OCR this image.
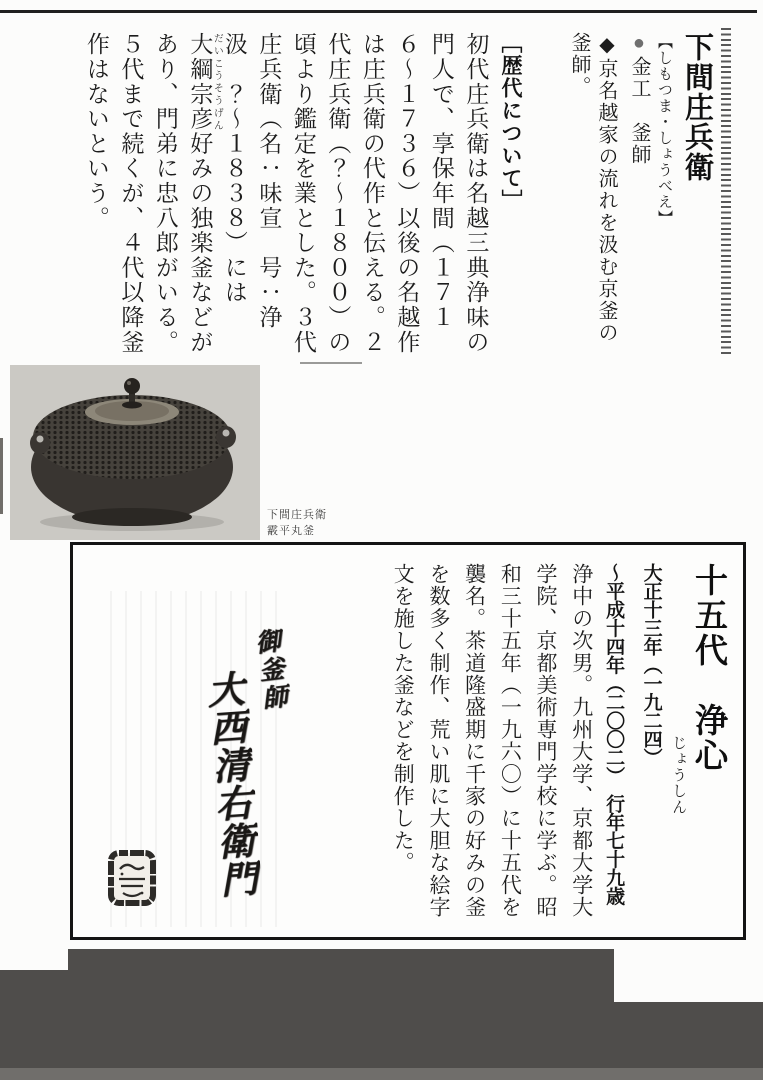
下間庄兵衛

【しもつま・しょうべえ】

●金工　釜師

◆京名越家の流れを汲む京釜の釜師。

［歴代について］

初代庄兵衛は名越三典浄味の門人で、享保年間（１７１６〜１７３６）以後の名越作は庄兵衛の代作と伝える。２代庄兵衛（？〜１８００）の頃より鑑定を業とした。３代庄兵衛（名：味宣　号：浄汲　？〜１８３８）には大綱宗彦 だいこうそうげん好みの独楽釜などがあり、門弟に忠八郎がいる。５代まで続くが、４代以降釜作はないという。

下間庄兵衛
霰平丸釜

十五代　浄心

じょうしん

大正十三年（一九二四）

〜平成十四年（二〇〇二）　行年七十九歳

浄中の次男。九州大学、京都大学大学院、京都美術専門学校に学ぶ。昭和三十五年（一九六〇）に十五代を襲名。茶道隆盛期に千家の好みの釜を数多く制作、荒い肌に大胆な絵字文を施した釜などを制作した。

御釜師

大西清右衛門
